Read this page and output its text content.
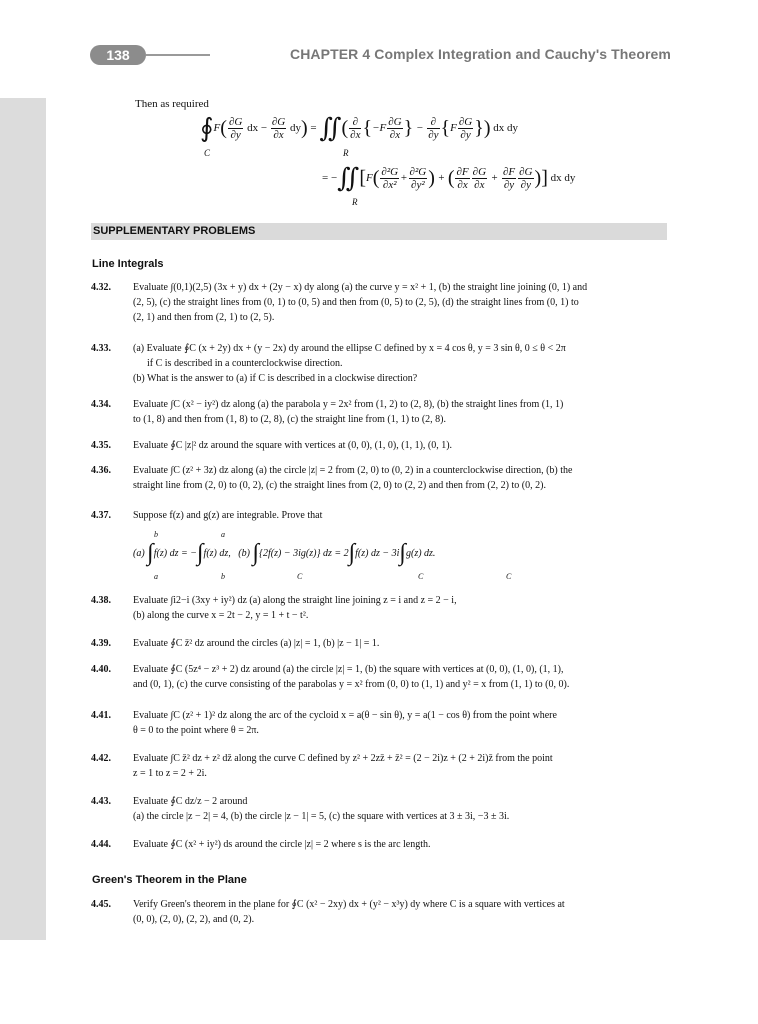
138	CHAPTER 4 Complex Integration and Cauchy's Theorem
Then as required
∮F( $\frac{\partial G}{\partial y}$ dx − $\frac{\partial G}{\partial x} dy$) = ∬( $\frac{\partial}{\partial x} \{-F \frac{\partial G}{\partial x}$ } − $\frac{\partial}{\partial y} \{F \frac{\partial G}{\partial y}$ }) dx dy
C	R
= −∬[F( $\frac{\text{∂²G}}{\text{∂x²}} + \frac{\text{∂²G}}{\text{∂y²}}$ ) + ( $\frac{\partial F}{\partial x} \frac{\partial G}{\partial x} + \frac{\partial F}{\partial y} \frac{\partial G}{\partial y}$ )] dx dy
R
SUPPLEMENTARY PROBLEMS
Line Integrals
4.32. Evaluate ∫(0,1)(2,5) (3x + y) dx + (2y − x) dy along (a) the curve y = x² + 1, (b) the straight line joining (0, 1) and
(2, 5), (c) the straight lines from (0, 1) to (0, 5) and then from (0, 5) to (2, 5), (d) the straight lines from (0, 1) to
(2, 1) and then from (2, 1) to (2, 5).
4.33. (a) Evaluate ∮C (x + 2y) dx + (y − 2x) dy around the ellipse C defined by x = 4 cos θ, y = 3 sin θ, 0 ≤ θ < 2π
if C is described in a counterclockwise direction.
(b) What is the answer to (a) if C is described in a clockwise direction?
4.34. Evaluate ∫C (x² − iy²) dz along (a) the parabola y = 2x² from (1, 2) to (2, 8), (b) the straight lines from (1, 1)
to (1, 8) and then from (1, 8) to (2, 8), (c) the straight line from (1, 1) to (2, 8).
4.35. Evaluate ∮C |z|² dz around the square with vertices at (0, 0), (1, 0), (1, 1), (0, 1).
4.36. Evaluate ∫C (z² + 3z) dz along (a) the circle |z| = 2 from (2, 0) to (0, 2) in a counterclockwise direction, (b) the
straight line from (2, 0) to (0, 2), (c) the straight lines from (2, 0) to (2, 2) and then from (2, 2) to (0, 2).
4.37. Suppose f(z) and g(z) are integrable. Prove that
(a) ∫f(z) dz = −∫f(z) dz, (b) ∫{2f(z) − 3ig(z)} dz = 2∫f(z) dz − 3i∫g(z) dz.
b
a
a
b	C	C	C
4.38. Evaluate ∫i2−i (3xy + iy²) dz (a) along the straight line joining z = i and z = 2 − i,
(b) along the curve x = 2t − 2, y = 1 + t − t².
4.39. Evaluate ∮C z̄² dz around the circles (a) |z| = 1, (b) |z − 1| = 1.
4.40. Evaluate ∮C (5z⁴ − z³ + 2) dz around (a) the circle |z| = 1, (b) the square with vertices at (0, 0), (1, 0), (1, 1),
and (0, 1), (c) the curve consisting of the parabolas y = x² from (0, 0) to (1, 1) and y² = x from (1, 1) to (0, 0).
4.41. Evaluate ∫C (z² + 1)² dz along the arc of the cycloid x = a(θ − sin θ), y = a(1 − cos θ) from the point where
θ = 0 to the point where θ = 2π.
4.42. Evaluate ∫C z̄² dz + z² dz̄ along the curve C defined by z² + 2zz̄ + z̄² = (2 − 2i)z + (2 + 2i)z̄ from the point
z = 1 to z = 2 + 2i.
4.43. Evaluate ∮C dz/z − 2 around
(a) the circle |z − 2| = 4, (b) the circle |z − 1| = 5, (c) the square with vertices at 3 ± 3i, −3 ± 3i.
4.44. Evaluate ∮C (x² + iy²) ds around the circle |z| = 2 where s is the arc length.
Green's Theorem in the Plane
4.45. Verify Green's theorem in the plane for ∮C (x² − 2xy) dx + (y² − x³y) dy where C is a square with vertices at
(0, 0), (2, 0), (2, 2), and (0, 2).
